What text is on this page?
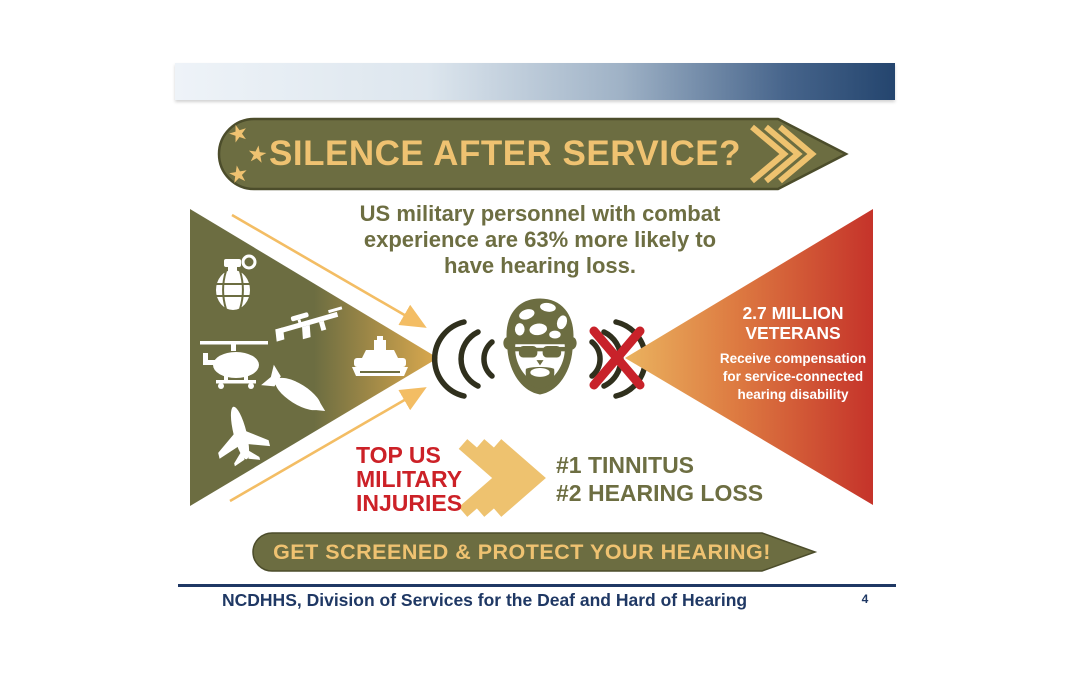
★
★
★
SILENCE AFTER SERVICE?
US military personnel with combat
experience are 63% more likely to
have hearing loss.
2.7 MILLION
VETERANS
Receive compensation
for service-connected
hearing disability
TOP US
MILITARY
INJURIES
#1 TINNITUS
#2 HEARING LOSS
GET SCREENED & PROTECT YOUR HEARING!
NCDHHS, Division of Services for the Deaf and Hard of Hearing	4
